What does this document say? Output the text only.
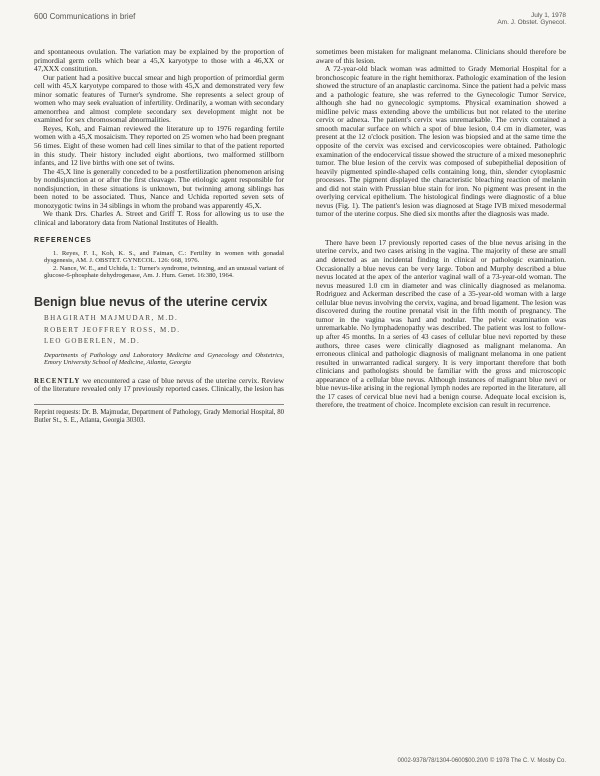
600 Communications in brief	July 1, 1978
Am. J. Obstet. Gynecol.

and spontaneous ovulation. The variation may be explained by the proportion of primordial germ cells which bear a 45,X karyotype to those with a 46,XX or 47,XXX constitution.

Our patient had a positive buccal smear and high proportion of primordial germ cell with 45,X karyotype compared to those with 45,X and demonstrated very few minor somatic features of Turner's syndrome. She represents a select group of women who may seek evaluation of infertility. Ordinarily, a woman with secondary amenorrhea and almost complete secondary sex development might not be examined for sex chromosomal abnormalities.

Reyes, Koh, and Faiman reviewed the literature up to 1976 regarding fertile women with a 45,X mosaicism. They reported on 25 women who had been pregnant 56 times. Eight of these women had cell lines similar to that of the patient reported in this study. Their history included eight abortions, two malformed stillborn infants, and 12 live births with one set of twins.

The 45,X line is generally conceded to be a postfertilization phenomenon arising by nondisjunction at or after the first cleavage. The etiologic agent responsible for nondisjunction, in these situations is unknown, but twinning among siblings has been noted to be associated. Thus, Nance and Uchida reported seven sets of monozygotic twins in 34 siblings in whom the proband was apparently 45,X.

We thank Drs. Charles A. Street and Griff T. Ross for allowing us to use the clinical and laboratory data from National Institutes of Health.

REFERENCES

1. Reyes, F. I., Koh, K. S., and Faiman, C.: Fertility in women with gonadal dysgenesis, AM. J. OBSTET. GYNECOL. 126: 668, 1976.

2. Nance, W. E., and Uchida, I.: Turner's syndrome, twinning, and an unusual variant of glucose-6-phosphate dehydrogenase, Am. J. Hum. Genet. 16:380, 1964.

Benign blue nevus of the uterine cervix
BHAGIRATH MAJMUDAR, M.D.
ROBERT JEOFFREY ROSS, M.D.
LEO GOBERLEN, M.D.
Departments of Pathology and Laboratory Medicine and Gynecology and Obstetrics, Emory University School of Medicine, Atlanta, Georgia

RECENTLY we encountered a case of blue nevus of the uterine cervix. Review of the literature revealed only 17 previously reported cases. Clinically, the lesion has

Reprint requests: Dr. B. Majmudar, Department of Pathology, Grady Memorial Hospital, 80 Butler St., S. E., Atlanta, Georgia 30303.

sometimes been mistaken for malignant melanoma. Clinicians should therefore be aware of this lesion.

A 72-year-old black woman was admitted to Grady Memorial Hospital for a bronchoscopic feature in the right hemithorax. Pathologic examination of the lesion showed the structure of an anaplastic carcinoma. Since the patient had a pelvic mass and a pathologic feature, she was referred to the Gynecologic Tumor Service, although she had no gynecologic symptoms. Physical examination showed a midline pelvic mass extending above the umbilicus but not related to the uterine cervix or adnexa. The patient's cervix was unremarkable. The cervix contained a smooth macular surface on which a spot of blue lesion, 0.4 cm in diameter, was present at the 12 o'clock position. The lesion was biopsied and at the same time the opposite of the cervix was excised and cervicoscopies were obtained. Pathologic examination of the endocervical tissue showed the structure of a mixed mesonephric tumor. The blue lesion of the cervix was composed of subepithelial deposition of heavily pigmented spindle-shaped cells containing long, thin, slender cytoplasmic processes. The pigment displayed the characteristic bleaching reaction of melanin and did not stain with Prussian blue stain for iron. No pigment was present in the overlying cervical epithelium. The histological findings were diagnostic of a blue nevus (Fig. 1). The patient's lesion was diagnosed at Stage IVB mixed mesodermal tumor of the uterine corpus. She died six months after the diagnosis was made.

There have been 17 previously reported cases of the blue nevus arising in the uterine cervix, and two cases arising in the vagina. The majority of these are small and detected as an incidental finding in clinical or pathologic examination. Occasionally a blue nevus can be very large. Tobon and Murphy described a blue nevus located at the apex of the anterior vaginal wall of a 73-year-old woman. The nevus measured 1.0 cm in diameter and was clinically diagnosed as melanoma. Rodriguez and Ackerman described the case of a 35-year-old woman with a large cellular blue nevus involving the cervix, vagina, and broad ligament. The lesion was discovered during the routine prenatal visit in the fifth month of pregnancy. The tumor in the vagina was hard and nodular. The pelvic examination was unremarkable. No lymphadenopathy was described. The patient was lost to follow-up after 45 months. In a series of 43 cases of cellular blue nevi reported by these authors, three cases were clinically diagnosed as malignant melanoma. An erroneous clinical and pathologic diagnosis of malignant melanoma in one patient resulted in unwarranted radical surgery. It is very important therefore that both clinicians and pathologists should be familiar with the gross and microscopic appearance of a cellular blue nevus. Although instances of malignant blue nevi or blue nevus-like arising in the regional lymph nodes are reported in the literature, all the 17 cases of cervical blue nevi had a benign course. Adequate local excision is, therefore, the treatment of choice. Incomplete excision can result in recurrence.

0002-9378/78/1304-0600$00.20/0 © 1978 The C. V. Mosby Co.
